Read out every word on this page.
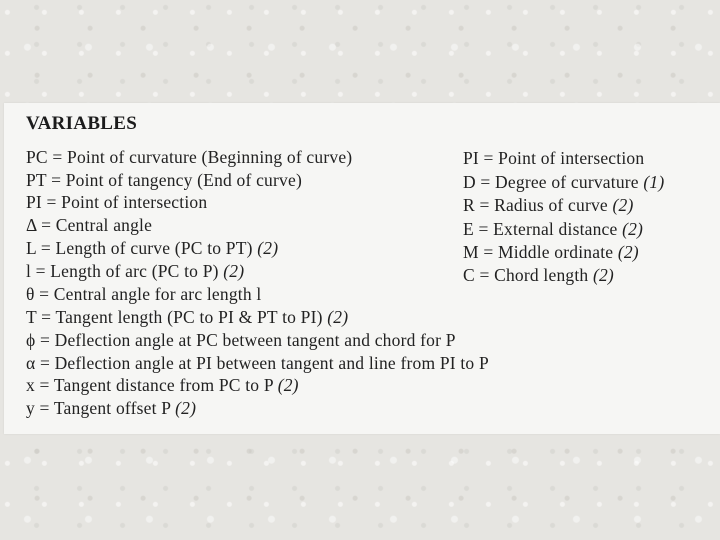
VARIABLES
PC = Point of curvature (Beginning of curve)
PT = Point of tangency (End of curve)
PI = Point of intersection
Δ = Central angle
L = Length of curve (PC to PT) (2)
l = Length of arc (PC to P) (2)
θ = Central angle for arc length l
T = Tangent length (PC to PI & PT to PI) (2)
ϕ = Deflection angle at PC between tangent and chord for P
α = Deflection angle at PI between tangent and line from PI to P
x = Tangent distance from PC to P (2)
y = Tangent offset P (2)
PI = Point of intersection
D = Degree of curvature (1)
R = Radius of curve (2)
E = External distance (2)
M = Middle ordinate (2)
C = Chord length (2)
